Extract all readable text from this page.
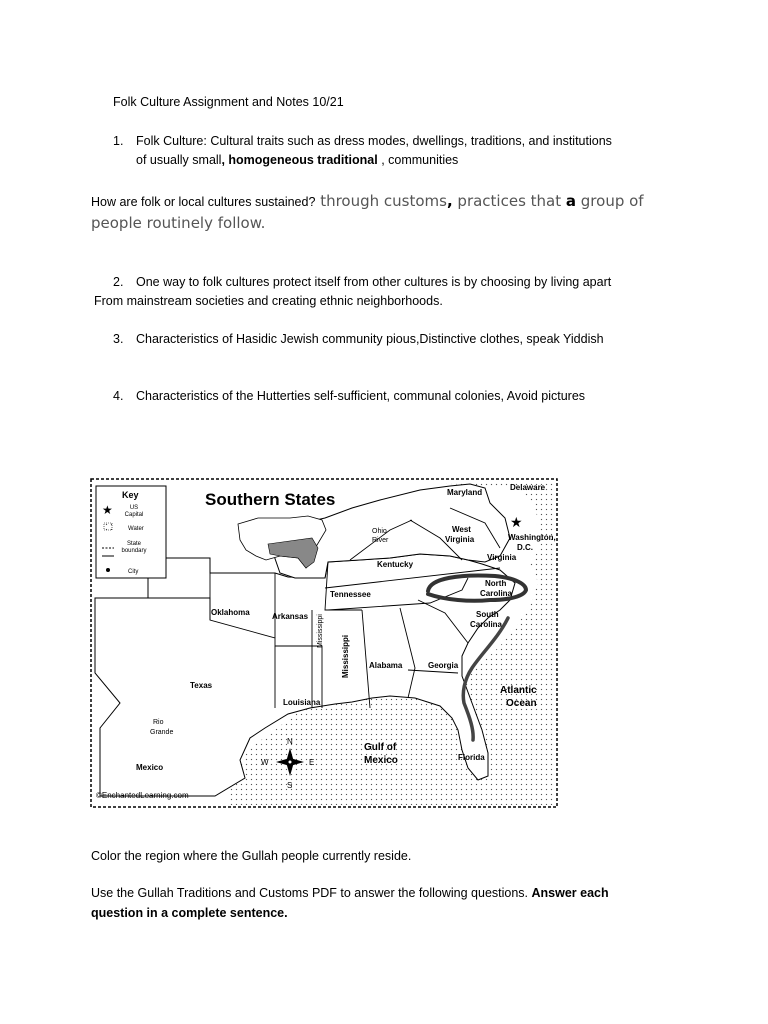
Folk Culture Assignment and Notes 10/21
1. Folk Culture: Cultural traits such as dress modes, dwellings, traditions, and institutions
of usually small, homogeneous traditional , communities
How are folk or local cultures sustained? through customs, practices that a group of
people routinely follow.
2. One way to folk cultures protect itself from other cultures is by choosing by living apart
From mainstream societies and creating ethnic neighborhoods.
3. Characteristics of Hasidic Jewish community pious,Distinctive clothes, speak Yiddish
4. Characteristics of the Hutterties self-sufficient, communal colonies, Avoid pictures
Southern States
Key
★	US
Capital
Water
State
boundary
City
Maryland
Delaware
West
Virginia	Washington,
D.C.
Virginia
Kentucky
North
Carolina
Tennessee
Oklahoma	Arkansas	South
Carolina
Alabama	Georgia
Texas
Louisiana
Mexico
Florida
Ohio
River
Rio
Grande
Mississippi
Mississippi
Atlantic
Ocean
Gulf of
Mexico
★
N
S
E
W
©EnchantedLearning.com
Color the region where the Gullah people currently reside.
Use the Gullah Traditions and Customs PDF to answer the following questions. Answer each
question in a complete sentence.
